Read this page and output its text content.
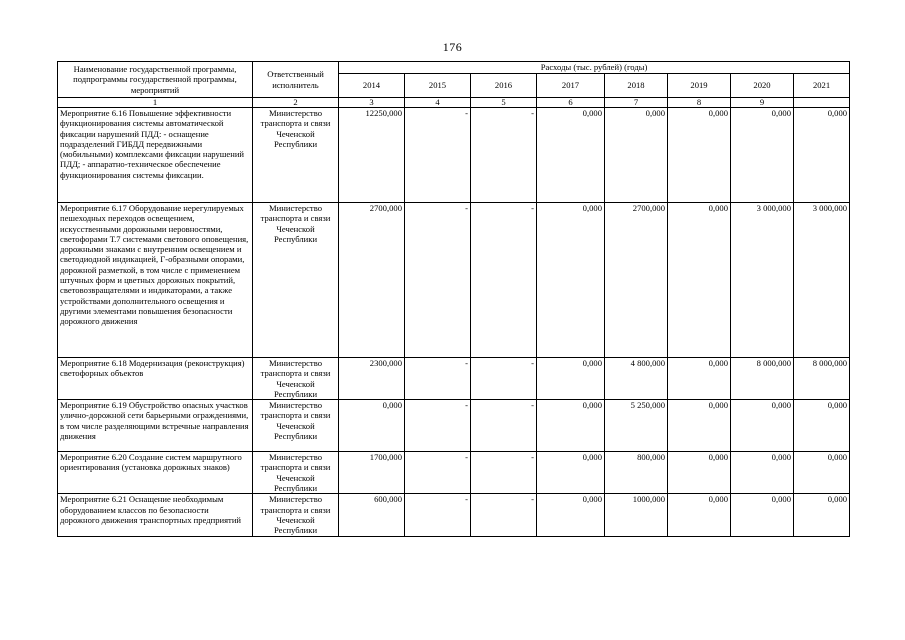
176
Наименование государственной программы, подпрограммы государственной программы, мероприятий	Ответственный исполнитель	Расходы (тыс. рублей) (годы)							
		2014	2015	2016	2017	2018	2019	2020	2021
1	2	3	4	5	6	7	8	9	
Мероприятие 6.16 Повышение эффективности функционирования системы автоматической фиксации нарушений ПДД: - оснащение подразделений ГИБДД передвижными (мобильными) комплексами фиксации нарушений ПДД; - аппаратно-техническое обеспечение функционирования системы фиксации.	Министерство транспорта и связи Чеченской Республики	12250,000	-	-	0,000	0,000	0,000	0,000	0,000
Мероприятие 6.17 Оборудование нерегулируемых пешеходных переходов освещением, искусственными дорожными неровностями, светофорами Т.7 системами светового оповещения, дорожными знаками с внутренним освещением и светодиодной индикацией, Г-образными опорами, дорожной разметкой, в том числе с применением штучных форм и цветных дорожных покрытий, световозвращателями и индикаторами, а также устройствами дополнительного освещения и другими элементами повышения безопасности дорожного движения	Министерство транспорта и связи Чеченской Республики	2700,000	-	-	0,000	2700,000	0,000	3 000,000	3 000,000
Мероприятие 6.18 Модернизация (реконструкция) светофорных объектов	Министерство транспорта и связи Чеченской Республики	2300,000	-	-	0,000	4 800,000	0,000	8 000,000	8 000,000
Мероприятие 6.19 Обустройство опасных участков улично-дорожной сети барьерными ограждениями, в том числе разделяющими встречные направления движения	Министерство транспорта и связи Чеченской Республики	0,000	-	-	0,000	5 250,000	0,000	0,000	0,000
Мероприятие 6.20 Создание систем маршрутного ориентирования (установка дорожных знаков)	Министерство транспорта и связи Чеченской Республики	1700,000	-	-	0,000	800,000	0,000	0,000	0,000
Мероприятие 6.21 Оснащение необходимым оборудованием классов по безопасности дорожного движения транспортных предприятий	Министерство транспорта и связи Чеченской Республики	600,000	-	-	0,000	1000,000	0,000	0,000	0,000
